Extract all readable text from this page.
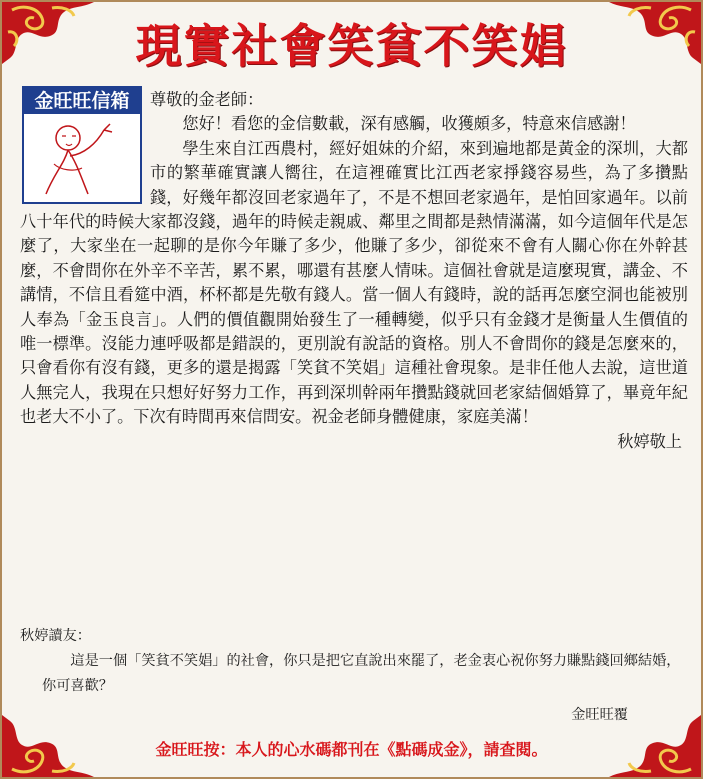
現實社會笑貧不笑娼
金旺旺信箱	尊敬的金老師：

您好！看您的金信數載，深有感觸，收獲頗多，特意來信感謝！

學生來自江西農村，經好姐妹的介紹，來到遍地都是黃金的深圳，大都市的繁華確實讓人嚮往，在這裡確實比江西老家掙錢容易些，為了多攢點錢，好幾年都沒回老家過年了，不是不想回老家過年，是怕回家過年。以前八十年代的時候大家都沒錢，過年的時候走親戚、鄰里之間都是熱情滿滿，如今這個年代是怎麼了，大家坐在一起聊的是你今年賺了多少，他賺了多少，卻從來不會有人關心你在外幹甚麼，不會問你在外辛不辛苦，累不累，哪還有甚麼人情味。這個社會就是這麼現實，講金、不講情，不信且看筵中酒，杯杯都是先敬有錢人。當一個人有錢時，說的話再怎麼空洞也能被別人奉為「金玉良言」。人們的價值觀開始發生了一種轉變，似乎只有金錢才是衡量人生價值的唯一標準。沒能力連呼吸都是錯誤的，更別說有說話的資格。別人不會問你的錢是怎麼來的，只會看你有沒有錢，更多的還是揭露「笑貧不笑娼」這種社會現象。是非任他人去說，這世道人無完人，我現在只想好好努力工作，再到深圳幹兩年攢點錢就回老家結個婚算了，畢竟年紀也老大不小了。下次有時間再來信問安。祝金老師身體健康，家庭美滿！

秋婷敬上

秋婷讀友：

這是一個「笑貧不笑娼」的社會，你只是把它直說出來罷了，老金衷心祝你努力賺點錢回鄉結婚，你可喜歡？

金旺旺覆

金旺旺按：本人的心水碼都刊在《點碼成金》，請查閱。
